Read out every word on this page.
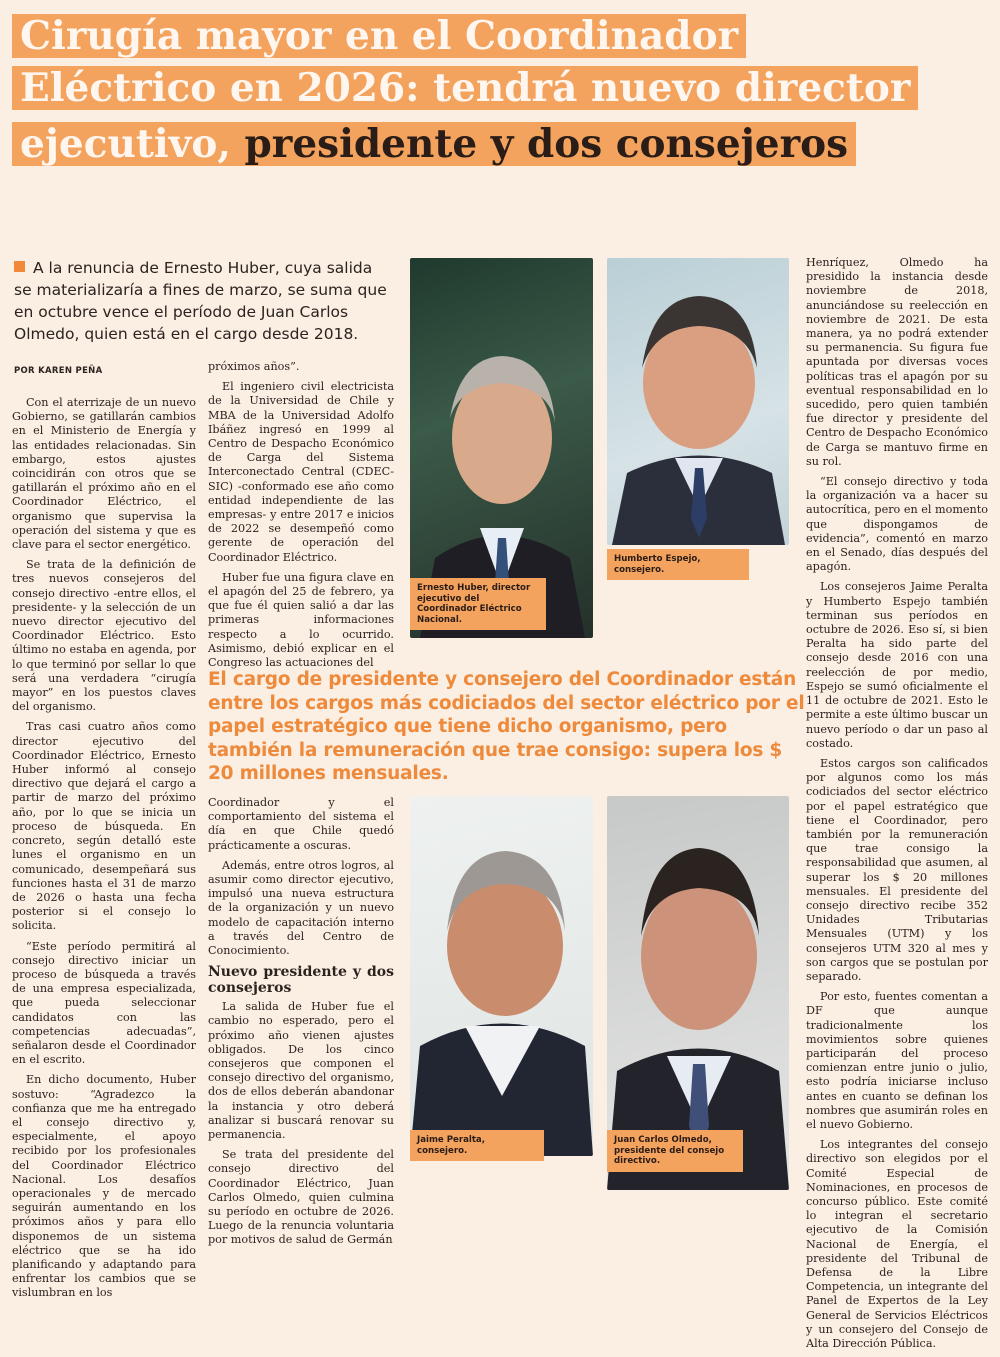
Cirugía mayor en el Coordinador
Eléctrico en 2026: tendrá nuevo director
ejecutivo, presidente y dos consejeros
A la renuncia de Ernesto Huber, cuya salida se materializaría a fines de marzo, se suma que en octubre vence el período de Juan Carlos Olmedo, quien está en el cargo desde 2018.
POR KAREN PEÑA

Con el aterrizaje de un nuevo Gobierno, se gatillarán cambios en el Ministerio de Energía y las entidades relacionadas. Sin embargo, estos ajustes coincidirán con otros que se gatillarán el próximo año en el Coordinador Eléctrico, el organismo que supervisa la operación del sistema y que es clave para el sector energético.

Se trata de la definición de tres nuevos consejeros del consejo directivo -entre ellos, el presidente- y la selección de un nuevo director ejecutivo del Coordinador Eléctrico. Esto último no estaba en agenda, por lo que terminó por sellar lo que será una verdadera “cirugía mayor” en los puestos claves del organismo.

Tras casi cuatro años como director ejecutivo del Coordinador Eléctrico, Ernesto Huber informó al consejo directivo que dejará el cargo a partir de marzo del próximo año, por lo que se inicia un proceso de búsqueda. En concreto, según detalló este lunes el organismo en un comunicado, desempeñará sus funciones hasta el 31 de marzo de 2026 o hasta una fecha posterior si el consejo lo solicita.

“Este período permitirá al consejo directivo iniciar un proceso de búsqueda a través de una empresa especializada, que pueda seleccionar candidatos con las competencias adecuadas”, señalaron desde el Coordinador en el escrito.

En dicho documento, Huber sostuvo: “Agradezco la confianza que me ha entregado el consejo directivo y, especialmente, el apoyo recibido por los profesionales del Coordinador Eléctrico Nacional. Los desafíos operacionales y de mercado seguirán aumentando en los próximos años y para ello disponemos de un sistema eléctrico que se ha ido planificando y adaptando para enfrentar los cambios que se vislumbran en los

próximos años”.

El ingeniero civil electricista de la Universidad de Chile y MBA de la Universidad Adolfo Ibáñez ingresó en 1999 al Centro de Despacho Económico de Carga del Sistema Interconectado Central (CDEC-SIC) -conformado ese año como entidad independiente de las empresas- y entre 2017 e inicios de 2022 se desempeñó como gerente de operación del Coordinador Eléctrico.

Huber fue una figura clave en el apagón del 25 de febrero, ya que fue él quien salió a dar las primeras informaciones respecto a lo ocurrido. Asimismo, debió explicar en el Congreso las actuaciones del

Ernesto Huber, director ejecutivo del Coordinador Eléctrico Nacional.
Humberto Espejo, consejero.

Henríquez, Olmedo ha presidido la instancia desde noviembre de 2018, anunciándose su reelección en noviembre de 2021. De esta manera, ya no podrá extender su permanencia. Su figura fue apuntada por diversas voces políticas tras el apagón por su eventual responsabilidad en lo sucedido, pero quien también fue director y presidente del Centro de Despacho Económico de Carga se mantuvo firme en su rol.

“El consejo directivo y toda la organización va a hacer su autocrítica, pero en el momento que dispongamos de evidencia”, comentó en marzo en el Senado, días después del apagón.

Los consejeros Jaime Peralta y Humberto Espejo también terminan sus períodos en octubre de 2026. Eso sí, si bien Peralta ha sido parte del consejo desde 2016 con una reelección de por medio, Espejo se sumó oficialmente el 11 de octubre de 2021. Esto le permite a este último buscar un nuevo período o dar un paso al costado.

Estos cargos son calificados por algunos como los más codiciados del sector eléctrico por el papel estratégico que tiene el Coordinador, pero también por la remuneración que trae consigo la responsabilidad que asumen, al superar los $ 20 millones mensuales. El presidente del consejo directivo recibe 352 Unidades Tributarias Mensuales (UTM) y los consejeros UTM 320 al mes y son cargos que se postulan por separado.

Por esto, fuentes comentan a DF que aunque tradicionalmente los movimientos sobre quienes participarán del proceso comienzan entre junio o julio, esto podría iniciarse incluso antes en cuanto se definan los nombres que asumirán roles en el nuevo Gobierno.

Los integrantes del consejo directivo son elegidos por el Comité Especial de Nominaciones, en procesos de concurso público. Este comité lo integran el secretario ejecutivo de la Comisión Nacional de Energía, el presidente del Tribunal de Defensa de la Libre Competencia, un integrante del Panel de Expertos de la Ley General de Servicios Eléctricos y un consejero del Consejo de Alta Dirección Pública.

El cargo de presidente y consejero del Coordinador están entre los cargos más codiciados del sector eléctrico por el papel estratégico que tiene dicho organismo, pero también la remuneración que trae consigo: supera los $ 20 millones mensuales.

Coordinador y el comportamiento del sistema el día en que Chile quedó prácticamente a oscuras.

Además, entre otros logros, al asumir como director ejecutivo, impulsó una nueva estructura de la organización y un nuevo modelo de capacitación interno a través del Centro de Conocimiento.

Nuevo presidente y dos consejeros

La salida de Huber fue el cambio no esperado, pero el próximo año vienen ajustes obligados. De los cinco consejeros que componen el consejo directivo del organismo, dos de ellos deberán abandonar la instancia y otro deberá analizar si buscará renovar su permanencia.

Se trata del presidente del consejo directivo del Coordinador Eléctrico, Juan Carlos Olmedo, quien culmina su período en octubre de 2026. Luego de la renuncia voluntaria por motivos de salud de Germán

Jaime Peralta, consejero.
Juan Carlos Olmedo, presidente del consejo directivo.
